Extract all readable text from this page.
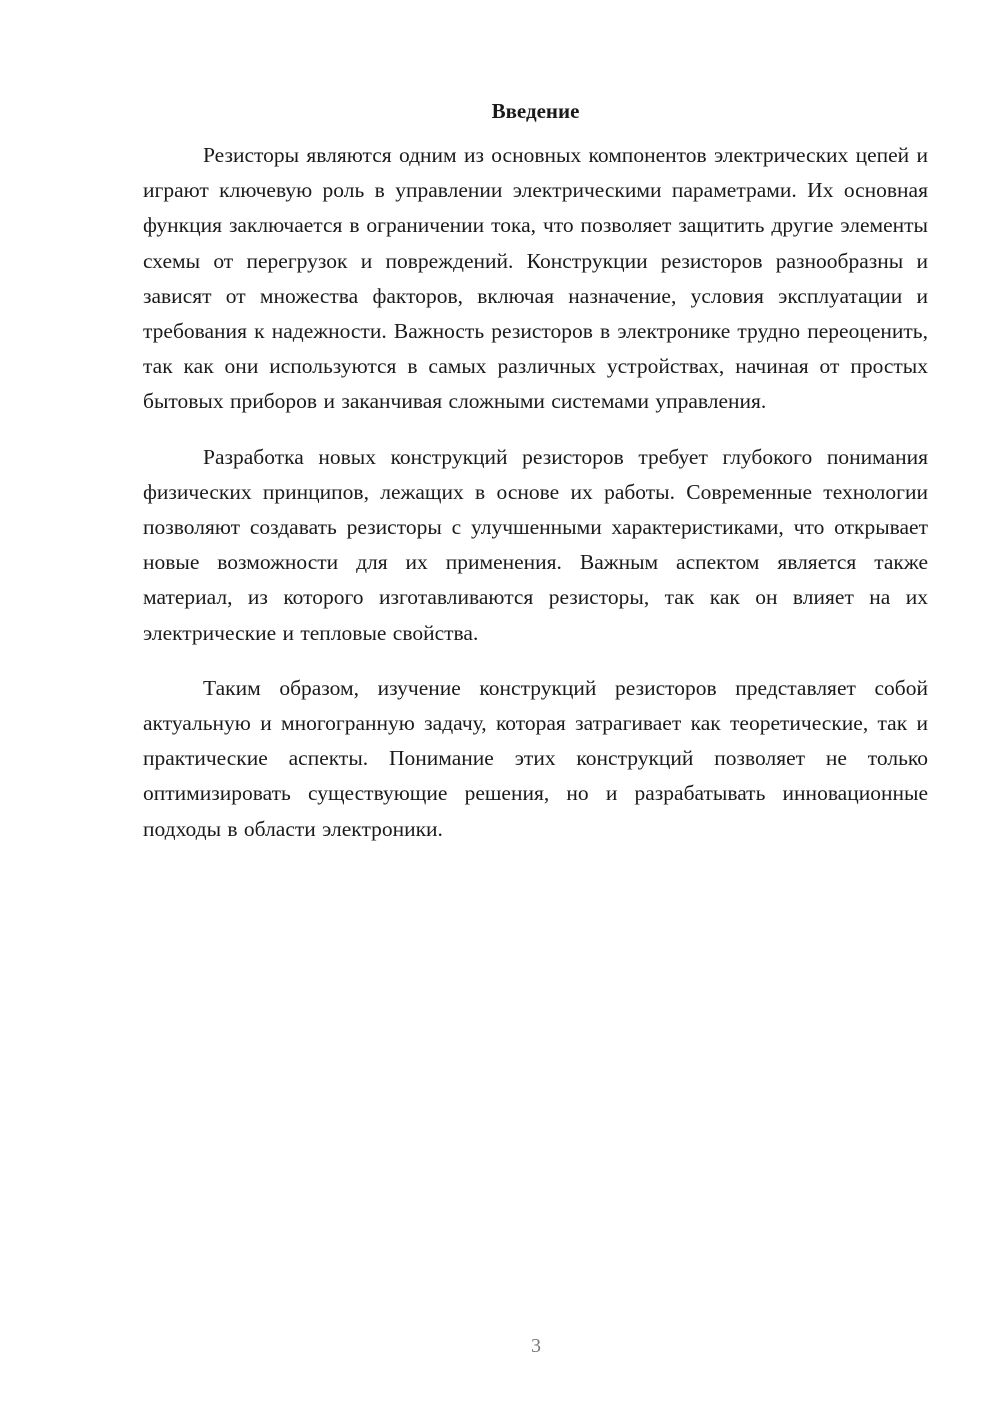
Введение

Резисторы являются одним из основных компонентов электрических цепей и играют ключевую роль в управлении электрическими параметрами. Их основная функция заключается в ограничении тока, что позволяет защитить другие элементы схемы от перегрузок и повреждений. Конструкции резисторов разнообразны и зависят от множества факторов, включая назначение, условия эксплуатации и требования к надежности. Важность резисторов в электронике трудно переоценить, так как они используются в самых различных устройствах, начиная от простых бытовых приборов и заканчивая сложными системами управления.

Разработка новых конструкций резисторов требует глубокого понимания физических принципов, лежащих в основе их работы. Современные технологии позволяют создавать резисторы с улучшенными характеристиками, что открывает новые возможности для их применения. Важным аспектом является также материал, из которого изготавливаются резисторы, так как он влияет на их электрические и тепловые свойства.

Таким образом, изучение конструкций резисторов представляет собой актуальную и многогранную задачу, которая затрагивает как теоретические, так и практические аспекты. Понимание этих конструкций позволяет не только оптимизировать существующие решения, но и разрабатывать инновационные подходы в области электроники.

3
